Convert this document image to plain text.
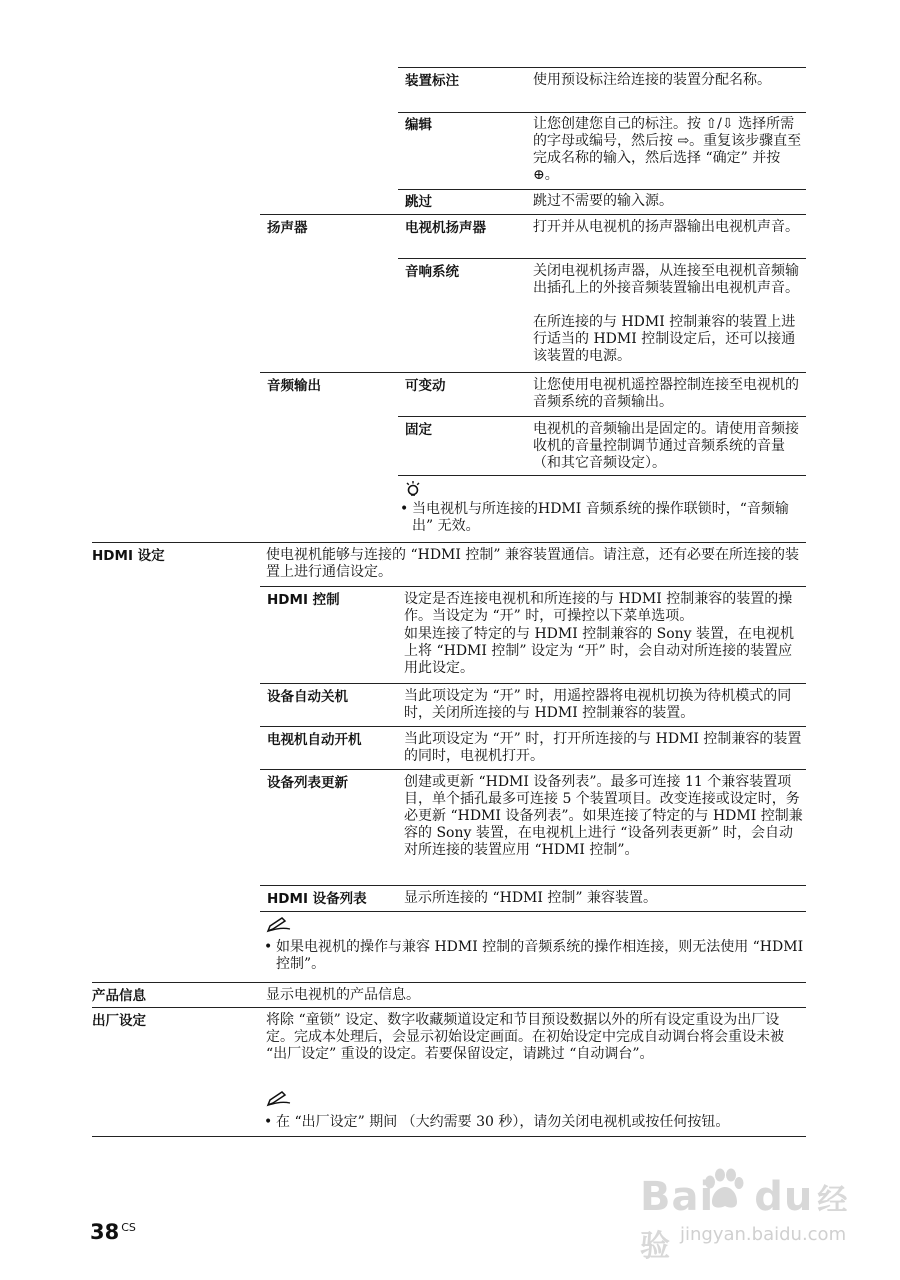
装置标注	使用预设标注给连接的装置分配名称。
编辑	让您创建您自己的标注。按 ⇧/⇩ 选择所需的字母或编号，然后按 ⇨。重复该步骤直至完成名称的输入，然后选择 “确定” 并按⊕。
跳过	跳过不需要的输入源。
扬声器	电视机扬声器	打开并从电视机的扬声器输出电视机声音。
音响系统	关闭电视机扬声器，从连接至电视机音频输出插孔上的外接音频装置输出电视机声音。
在所连接的与 HDMI 控制兼容的装置上进行适当的 HDMI 控制设定后，还可以接通该装置的电源。
音频输出	可变动	让您使用电视机遥控器控制连接至电视机的音频系统的音频输出。
固定	电视机的音频输出是固定的。请使用音频接收机的音量控制调节通过音频系统的音量 （和其它音频设定）。
• 当电视机与所连接的HDMI 音频系统的操作联锁时，“音频输出” 无效。
HDMI 设定	使电视机能够与连接的 “HDMI 控制” 兼容装置通信。请注意，还有必要在所连接的装置上进行通信设定。
HDMI 控制	设定是否连接电视机和所连接的与 HDMI 控制兼容的装置的操作。当设定为 “开” 时，可操控以下菜单选项。
如果连接了特定的与 HDMI 控制兼容的 Sony 装置，在电视机上将 “HDMI 控制” 设定为 “开” 时，会自动对所连接的装置应用此设定。
设备自动关机	当此项设定为 “开” 时，用遥控器将电视机切换为待机模式的同时，关闭所连接的与 HDMI 控制兼容的装置。
电视机自动开机	当此项设定为 “开” 时，打开所连接的与 HDMI 控制兼容的装置的同时，电视机打开。
设备列表更新	创建或更新 “HDMI 设备列表”。最多可连接 11 个兼容装置项目，单个插孔最多可连接 5 个装置项目。改变连接或设定时，务必更新 “HDMI 设备列表”。如果连接了特定的与 HDMI 控制兼容的 Sony 装置，在电视机上进行 “设备列表更新” 时，会自动对所连接的装置应用 “HDMI 控制”。
HDMI 设备列表	显示所连接的 “HDMI 控制” 兼容装置。
• 如果电视机的操作与兼容 HDMI 控制的音频系统的操作相连接，则无法使用 “HDMI 控制”。
产品信息	显示电视机的产品信息。
出厂设定	将除 “童锁” 设定、数字收藏频道设定和节目预设数据以外的所有设定重设为出厂设定。完成本处理后，会显示初始设定画面。在初始设定中完成自动调台将会重设未被 “出厂设定” 重设的设定。若要保留设定，请跳过 “自动调台”。
• 在 “出厂设定” 期间 （大约需要 30 秒），请勿关闭电视机或按任何按钮。
38 $^{CS}$
Bai du 经验 jingyan.baidu.com
